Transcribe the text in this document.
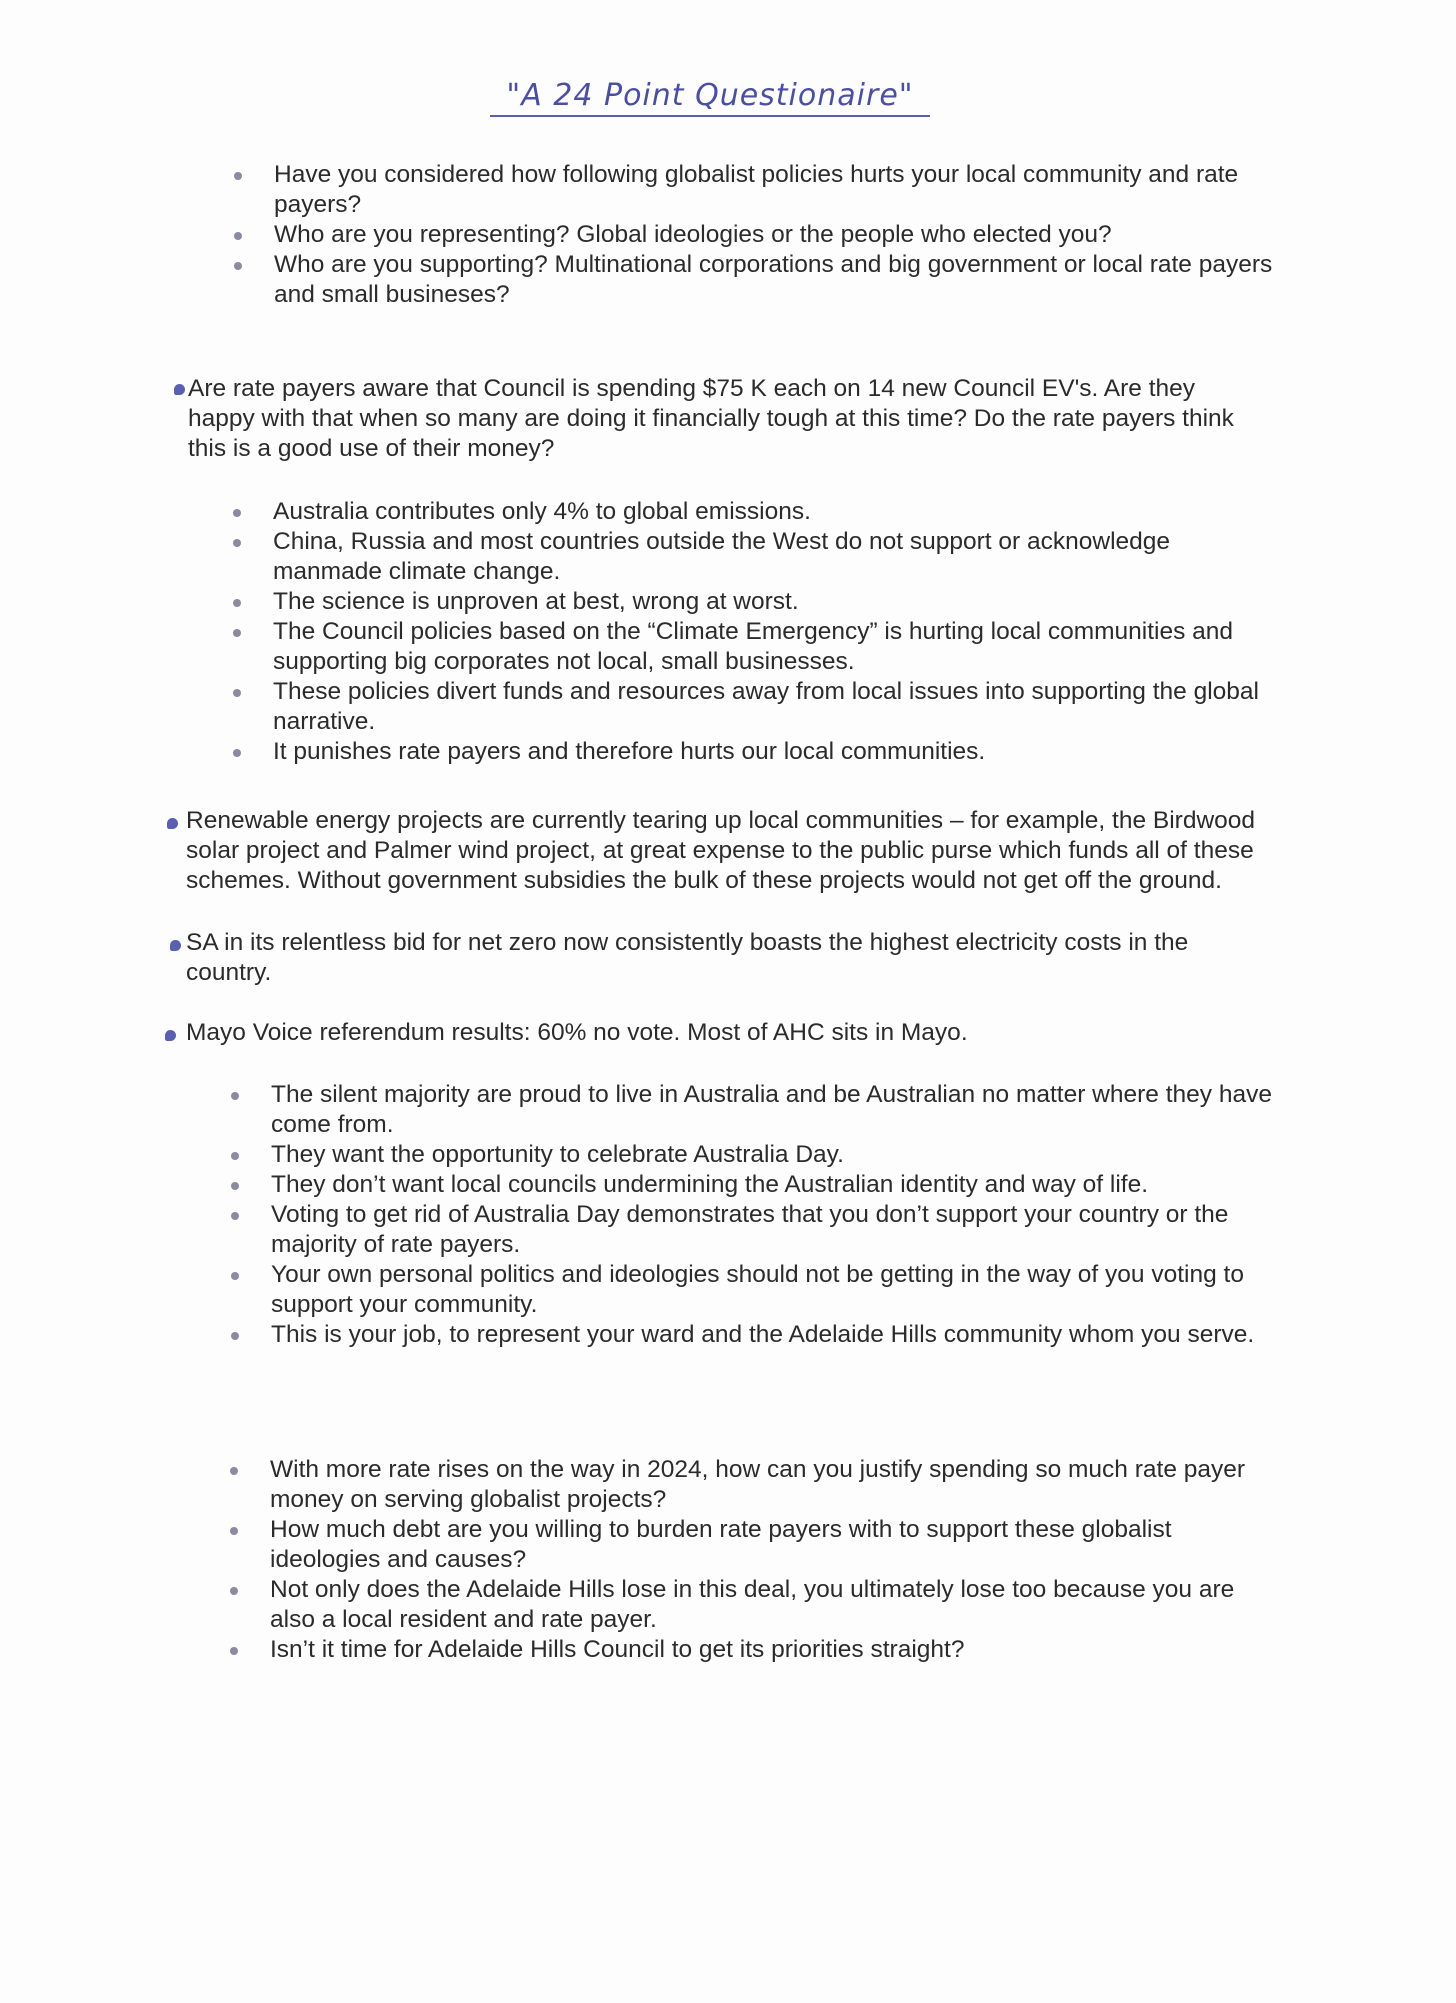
"A 24 Point Questionaire"
Have you considered how following globalist policies hurts your local community and rate payers?
Who are you representing? Global ideologies or the people who elected you?
Who are you supporting? Multinational corporations and big government or local rate payers and small busineses?
Are rate payers aware that Council is spending $75 K each on 14 new Council EV's. Are they happy with that when so many are doing it financially tough at this time? Do the rate payers think this is a good use of their money?
Australia contributes only 4% to global emissions.
China, Russia and most countries outside the West do not support or acknowledge manmade climate change.
The science is unproven at best, wrong at worst.
The Council policies based on the “Climate Emergency” is hurting local communities and supporting big corporates not local, small businesses.
These policies divert funds and resources away from local issues into supporting the global narrative.
It punishes rate payers and therefore hurts our local communities.
Renewable energy projects are currently tearing up local communities – for example, the Birdwood solar project and Palmer wind project, at great expense to the public purse which funds all of these schemes. Without government subsidies the bulk of these projects would not get off the ground.
SA in its relentless bid for net zero now consistently boasts the highest electricity costs in the country.
Mayo Voice referendum results: 60% no vote. Most of AHC sits in Mayo.
The silent majority are proud to live in Australia and be Australian no matter where they have come from.
They want the opportunity to celebrate Australia Day.
They don’t want local councils undermining the Australian identity and way of life.
Voting to get rid of Australia Day demonstrates that you don’t support your country or the majority of rate payers.
Your own personal politics and ideologies should not be getting in the way of you voting to support your community.
This is your job, to represent your ward and the Adelaide Hills community whom you serve.
With more rate rises on the way in 2024, how can you justify spending so much rate payer money on serving globalist projects?
How much debt are you willing to burden rate payers with to support these globalist ideologies and causes?
Not only does the Adelaide Hills lose in this deal, you ultimately lose too because you are also a local resident and rate payer.
Isn’t it time for Adelaide Hills Council to get its priorities straight?
